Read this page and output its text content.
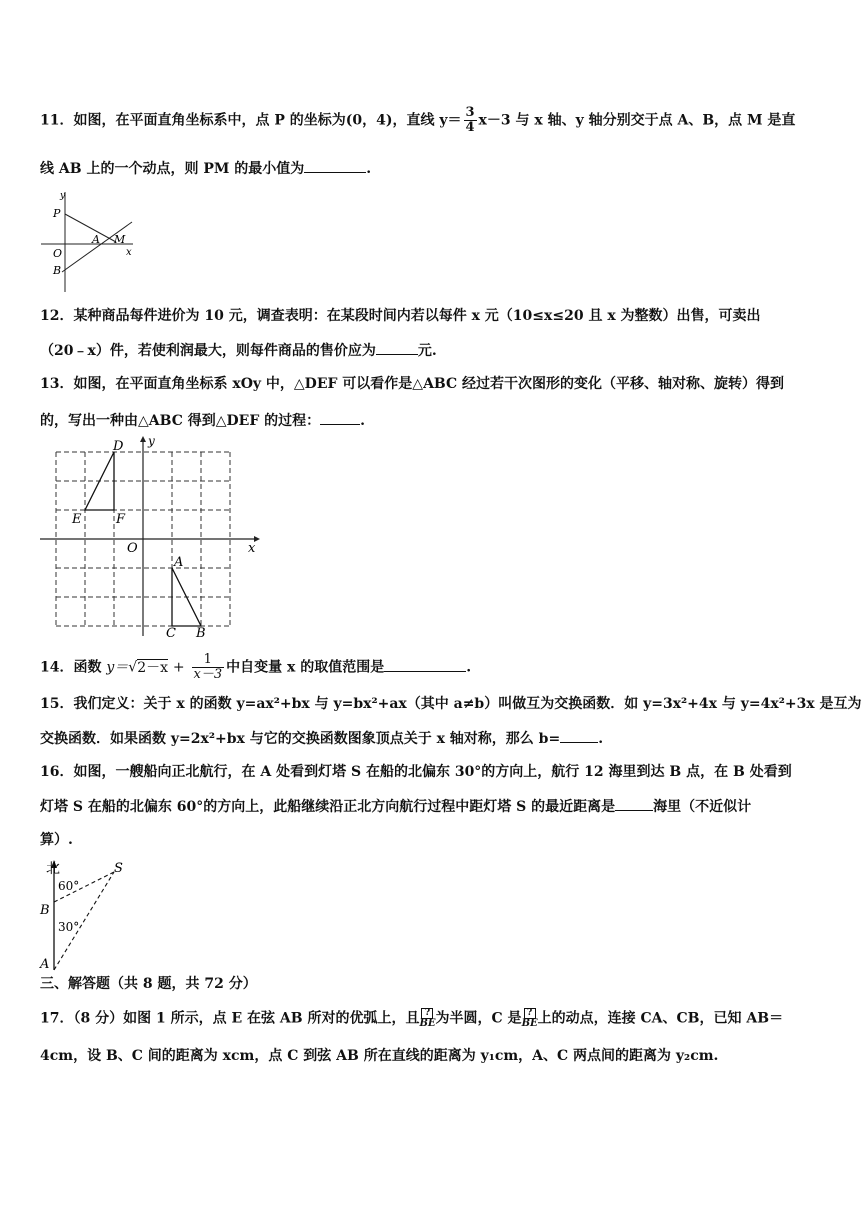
11．如图，在平面直角坐标系中，点 P 的坐标为(0，4)，直线 $y= \frac{3}{4} x-3$ 与 x 轴、y 轴分别交于点 A、B，点 M 是直
线 AB 上的一个动点，则 PM 的最小值为	.
y
x
P
O
A M
B
12．某种商品每件进价为 10 元，调查表明：在某段时间内若以每件 x 元（10≤x≤20 且 x 为整数）出售，可卖出
（20﹣x）件，若使利润最大，则每件商品的售价应为	元.
13．如图，在平面直角坐标系 xOy 中，△DEF 可以看作是△ABC 经过若干次图形的变化（平移、轴对称、旋转）得到
的，写出一种由△ABC 得到△DEF 的过程：	.
D
E	F
O	x
y
A
C B
14．函数 $y=√2-x + \frac{1}{x-3}$ 中自变量 x 的取值范围是	.
15．我们定义：关于 x 的函数 y=ax²+bx 与 y=bx²+ax（其中 a≠b）叫做互为交换函数．如 y=3x²+4x 与 y=4x²+3x 是互为
交换函数．如果函数 y=2x²+bx 与它的交换函数图象顶点关于 x 轴对称，那么 b=	.
16．如图，一艘船向正北航行，在 A 处看到灯塔 S 在船的北偏东 30°的方向上，航行 12 海里到达 B 点，在 B 处看到
灯塔 S 在船的北偏东 60°的方向上，此船继续沿正北方向航行过程中距灯塔 S 的最近距离是	海里（不近似计
算）.
北	S
60°
B
30°
A
三、解答题（共 8 题，共 72 分）
17．（8 分）如图 1 所示，点 E 在弦 AB 所对的优弧上，且 ?
BE为半圆，C 是 ?
BE上的动点，连接 CA、CB，已知 AB＝
4cm，设 B、C 间的距离为 xcm，点 C 到弦 AB 所在直线的距离为 y₁cm，A、C 两点间的距离为 y₂cm.
